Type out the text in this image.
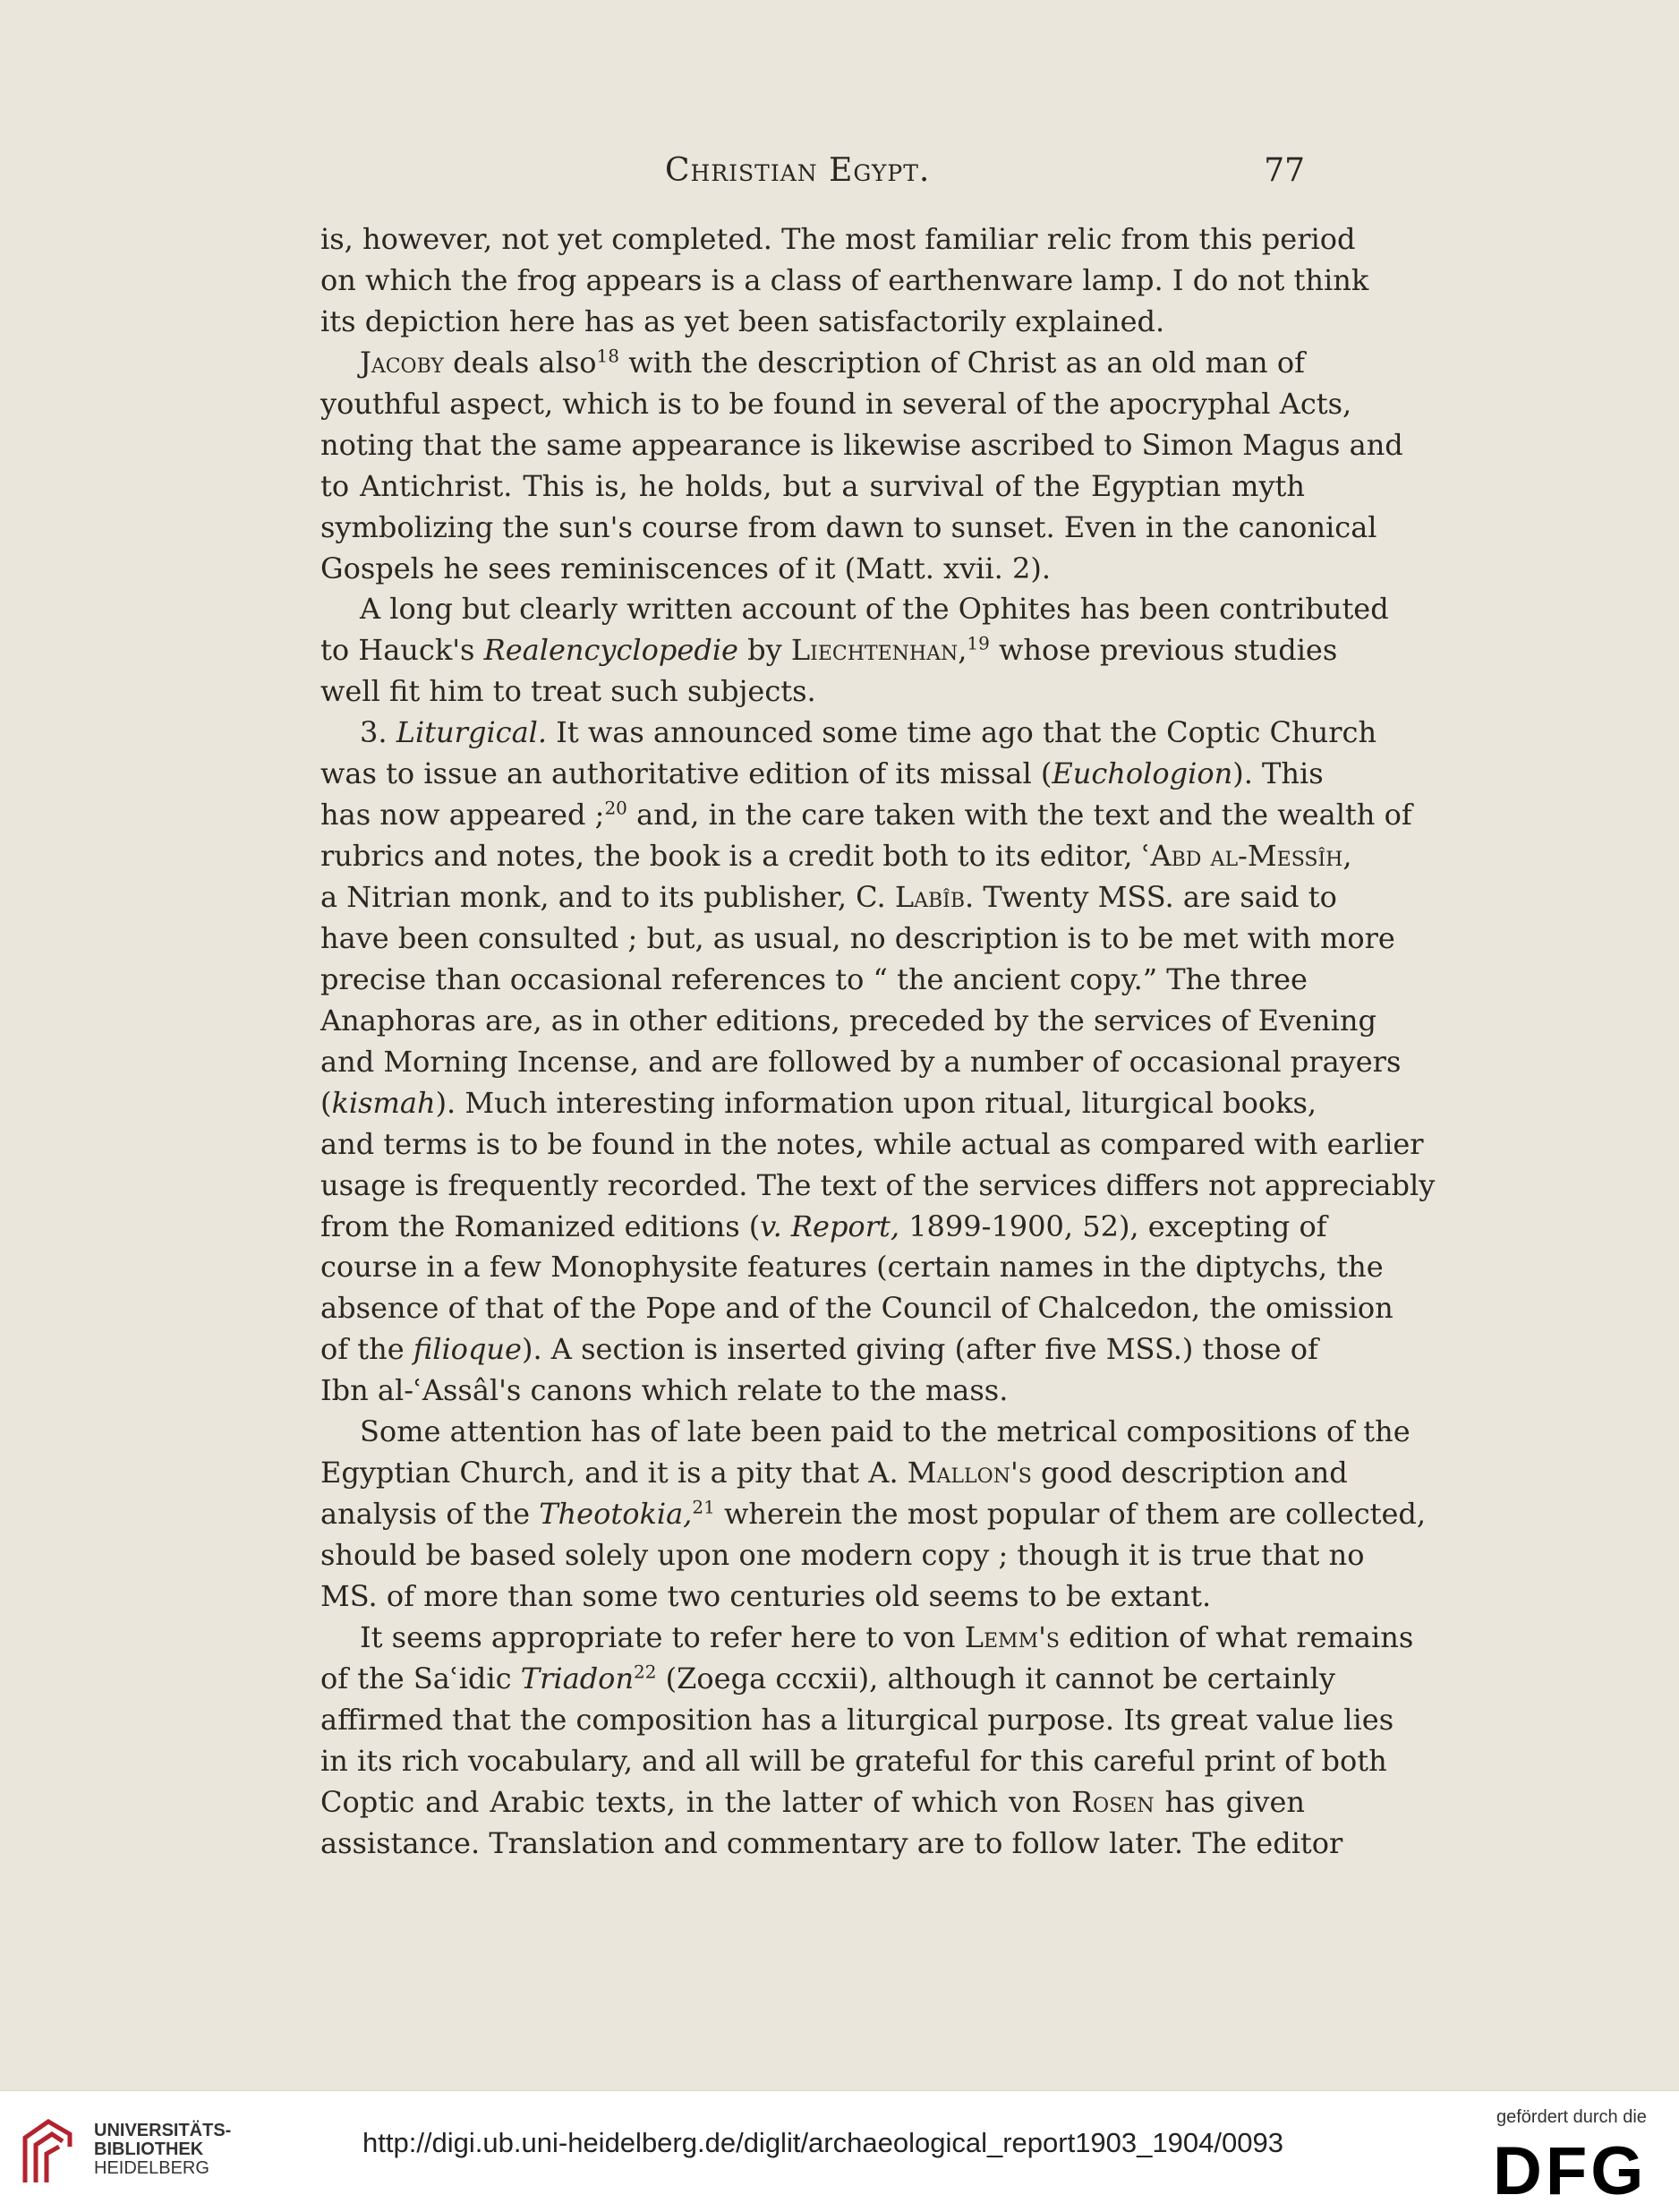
Christian Egypt.	77
is, however, not yet completed. The most familiar relic from this period
on which the frog appears is a class of earthenware lamp. I do not think
its depiction here has as yet been satisfactorily explained.
Jacoby deals also$^{18}$ with the description of Christ as an old man of
youthful aspect, which is to be found in several of the apocryphal Acts,
noting that the same appearance is likewise ascribed to Simon Magus and
to Antichrist. This is, he holds, but a survival of the Egyptian myth
symbolizing the sun's course from dawn to sunset. Even in the canonical
Gospels he sees reminiscences of it (Matt. xvii. 2).
A long but clearly written account of the Ophites has been contributed
to Hauck's Realencyclopedie by Liechtenhan,$^{19}$ whose previous studies
well fit him to treat such subjects.
3. Liturgical. It was announced some time ago that the Coptic Church
was to issue an authoritative edition of its missal (Euchologion). This
has now appeared ;$^{20}$ and, in the care taken with the text and the wealth of
rubrics and notes, the book is a credit both to its editor, ʿAbd al-Messîh,
a Nitrian monk, and to its publisher, C. Labîb. Twenty MSS. are said to
have been consulted ; but, as usual, no description is to be met with more
precise than occasional references to “ the ancient copy.” The three
Anaphoras are, as in other editions, preceded by the services of Evening
and Morning Incense, and are followed by a number of occasional prayers
(kismah). Much interesting information upon ritual, liturgical books,
and terms is to be found in the notes, while actual as compared with earlier
usage is frequently recorded. The text of the services differs not appreciably
from the Romanized editions (v. Report, 1899-1900, 52), excepting of
course in a few Monophysite features (certain names in the diptychs, the
absence of that of the Pope and of the Council of Chalcedon, the omission
of the filioque). A section is inserted giving (after five MSS.) those of
Ibn al-ʿAssâl's canons which relate to the mass.
Some attention has of late been paid to the metrical compositions of the
Egyptian Church, and it is a pity that A. Mallon's good description and
analysis of the Theotokia,$^{21}$ wherein the most popular of them are collected,
should be based solely upon one modern copy ; though it is true that no
MS. of more than some two centuries old seems to be extant.
It seems appropriate to refer here to von Lemm's edition of what remains
of the Saʿidic Triadon$^{22}$ (Zoega cccxii), although it cannot be certainly
affirmed that the composition has a liturgical purpose. Its great value lies
in its rich vocabulary, and all will be grateful for this careful print of both
Coptic and Arabic texts, in the latter of which von Rosen has given
assistance. Translation and commentary are to follow later. The editor
UNIVERSITÄTS-
BIBLIOTHEK
HEIDELBERG
http://digi.ub.uni-heidelberg.de/diglit/archaeological_report1903_1904/0093
gefördert durch die
DFG
